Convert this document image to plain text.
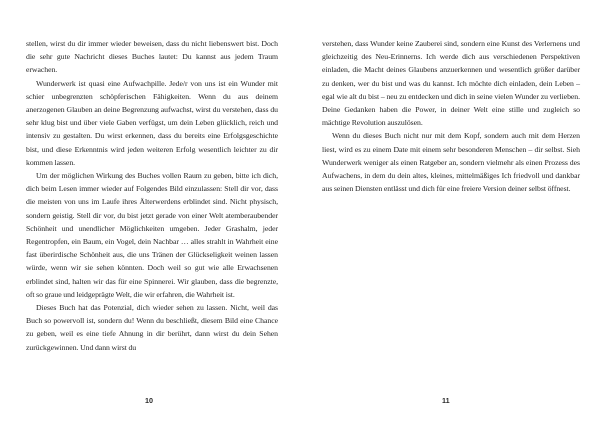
stellen, wirst du dir immer wieder beweisen, dass du nicht liebenswert bist. Doch die sehr gute Nachricht dieses Buches lautet: Du kannst aus jedem Traum erwachen.

Wunderwerk ist quasi eine Aufwachpille. Jede/r von uns ist ein Wunder mit schier unbegrenzten schöpferischen Fähigkeiten. Wenn du aus deinem anerzogenen Glauben an deine Begrenzung aufwachst, wirst du verstehen, dass du sehr klug bist und über viele Gaben verfügst, um dein Leben glücklich, reich und intensiv zu gestalten. Du wirst erkennen, dass du bereits eine Erfolgsgeschichte bist, und diese Erkenntnis wird jeden weiteren Erfolg wesentlich leichter zu dir kommen lassen.

Um der möglichen Wirkung des Buches vollen Raum zu geben, bitte ich dich, dich beim Lesen immer wieder auf Folgendes Bild einzulassen: Stell dir vor, dass die meisten von uns im Laufe ihres Älterwerdens erblindet sind. Nicht physisch, sondern geistig. Stell dir vor, du bist jetzt gerade von einer Welt atemberaubender Schönheit und unendlicher Möglichkeiten umgeben. Jeder Grashalm, jeder Regentropfen, ein Baum, ein Vogel, dein Nachbar … alles strahlt in Wahrheit eine fast überirdische Schönheit aus, die uns Tränen der Glückseligkeit weinen lassen würde, wenn wir sie sehen könnten. Doch weil so gut wie alle Erwachsenen erblindet sind, halten wir das für eine Spinnerei. Wir glauben, dass die begrenzte, oft so graue und leidgeprägte Welt, die wir erfahren, die Wahrheit ist.

Dieses Buch hat das Potenzial, dich wieder sehen zu lassen. Nicht, weil das Buch so powervoll ist, sondern du! Wenn du beschließt, diesem Bild eine Chance zu geben, weil es eine tiefe Ahnung in dir berührt, dann wirst du dein Sehen zurückgewinnen. Und dann wirst du

10

verstehen, dass Wunder keine Zauberei sind, sondern eine Kunst des Verlernens und gleichzeitig des Neu-Erinnerns. Ich werde dich aus verschiedenen Perspektiven einladen, die Macht deines Glaubens anzuerkennen und wesentlich größer darüber zu denken, wer du bist und was du kannst. Ich möchte dich einladen, dein Leben – egal wie alt du bist – neu zu entdecken und dich in seine vielen Wunder zu verlieben. Deine Gedanken haben die Power, in deiner Welt eine stille und zugleich so mächtige Revolution auszulösen.

Wenn du dieses Buch nicht nur mit dem Kopf, sondern auch mit dem Herzen liest, wird es zu einem Date mit einem sehr besonderen Menschen – dir selbst. Sieh Wunderwerk weniger als einen Ratgeber an, sondern vielmehr als einen Prozess des Aufwachens, in dem du dein altes, kleines, mittelmäßiges Ich friedvoll und dankbar aus seinen Diensten entlässt und dich für eine freiere Version deiner selbst öffnest.

11
